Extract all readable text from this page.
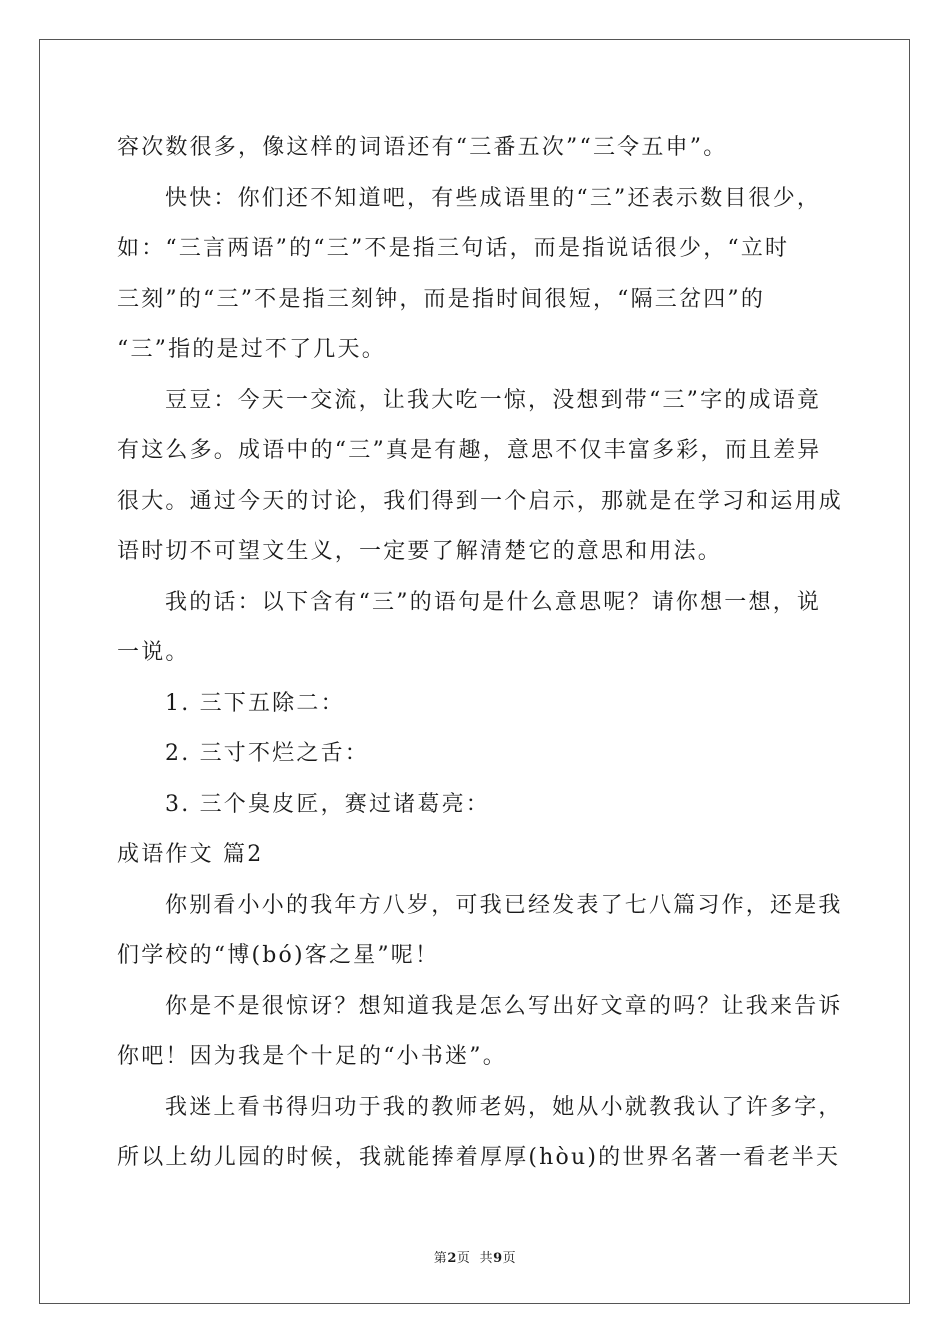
容次数很多，像这样的词语还有“三番五次”“三令五申”。
快快：你们还不知道吧，有些成语里的“三”还表示数目很少，
如：“三言两语”的“三”不是指三句话，而是指说话很少，“立时
三刻”的“三”不是指三刻钟，而是指时间很短，“隔三岔四”的
“三”指的是过不了几天。
豆豆：今天一交流，让我大吃一惊，没想到带“三”字的成语竟
有这么多。成语中的“三”真是有趣，意思不仅丰富多彩，而且差异
很大。通过今天的讨论，我们得到一个启示，那就是在学习和运用成
语时切不可望文生义，一定要了解清楚它的意思和用法。
我的话：以下含有“三”的语句是什么意思呢？请你想一想，说
一说。
1. 三下五除二：
2. 三寸不烂之舌：
3. 三个臭皮匠，赛过诸葛亮：
成语作文 篇2
你别看小小的我年方八岁，可我已经发表了七八篇习作，还是我
们学校的“博(bó)客之星”呢！
你是不是很惊讶？想知道我是怎么写出好文章的吗？让我来告诉
你吧！因为我是个十足的“小书迷”。
我迷上看书得归功于我的教师老妈，她从小就教我认了许多字，
所以上幼儿园的时候，我就能捧着厚厚(hòu)的世界名著一看老半天
第2页  共9页
